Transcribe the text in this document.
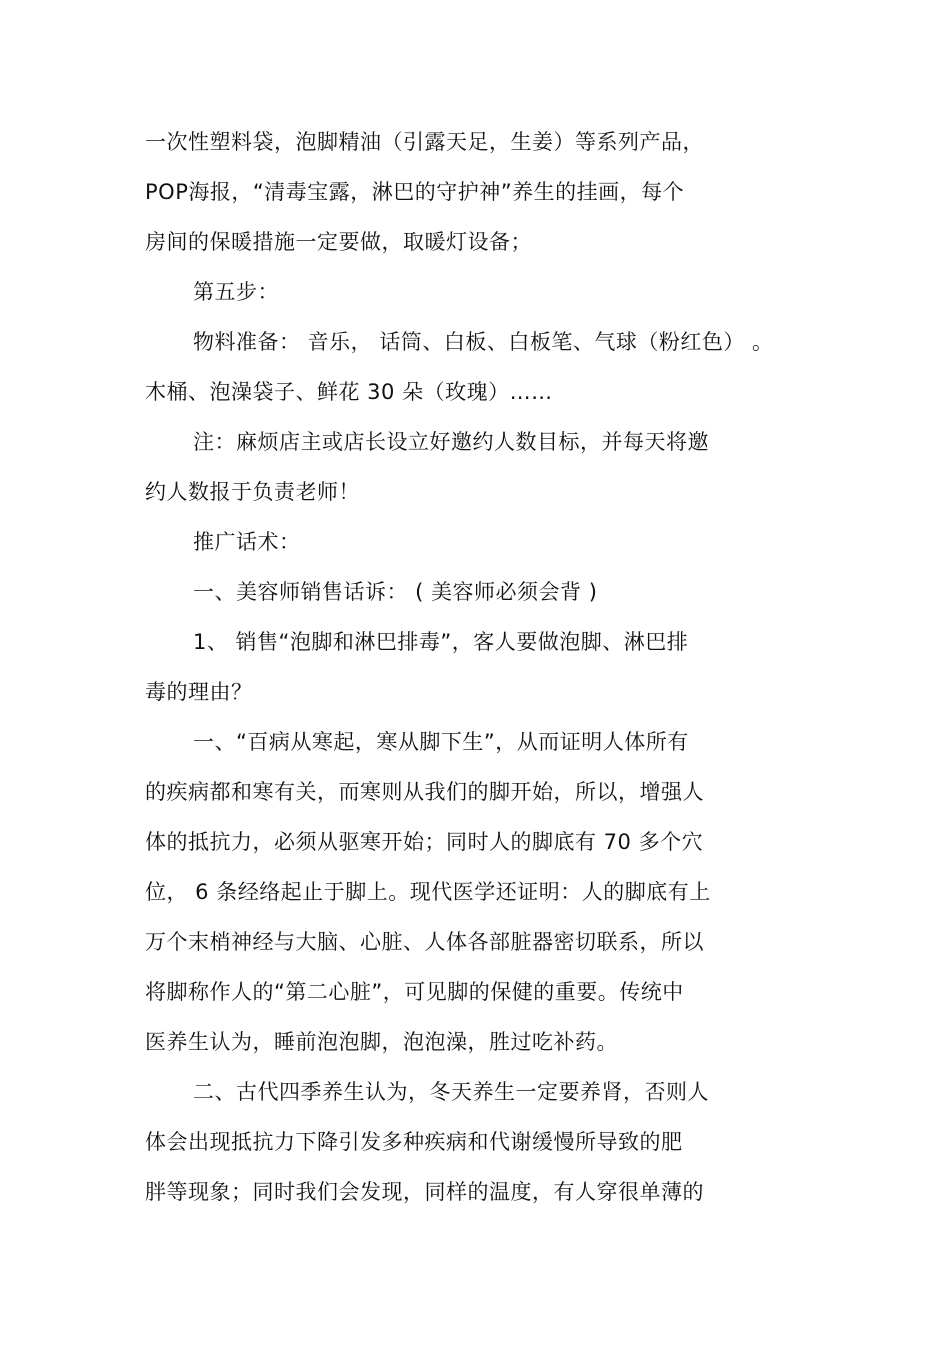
一次性塑料袋，泡脚精油（引露天足，生姜）等系列产品，
POP海报，“清毒宝露，淋巴的守护神”养生的挂画，每个
房间的保暖措施一定要做，取暖灯设备；
第五步：
物料准备： 音乐， 话筒、白板、白板笔、气球（粉红色） 。
木桶、泡澡袋子、鲜花 30 朵（玫瑰）……
注：麻烦店主或店长设立好邀约人数目标，并每天将邀
约人数报于负责老师！
推广话术：
一、美容师销售话诉： ( 美容师必须会背 )
1、 销售“泡脚和淋巴排毒”，客人要做泡脚、淋巴排
毒的理由？
一、“百病从寒起，寒从脚下生”，从而证明人体所有
的疾病都和寒有关，而寒则从我们的脚开始，所以，增强人
体的抵抗力，必须从驱寒开始；同时人的脚底有 70 多个穴
位， 6 条经络起止于脚上。现代医学还证明：人的脚底有上
万个末梢神经与大脑、心脏、人体各部脏器密切联系，所以
将脚称作人的“第二心脏”，可见脚的保健的重要。传统中
医养生认为，睡前泡泡脚，泡泡澡，胜过吃补药。
二、古代四季养生认为，冬天养生一定要养肾，否则人
体会出现抵抗力下降引发多种疾病和代谢缓慢所导致的肥
胖等现象；同时我们会发现，同样的温度，有人穿很单薄的
